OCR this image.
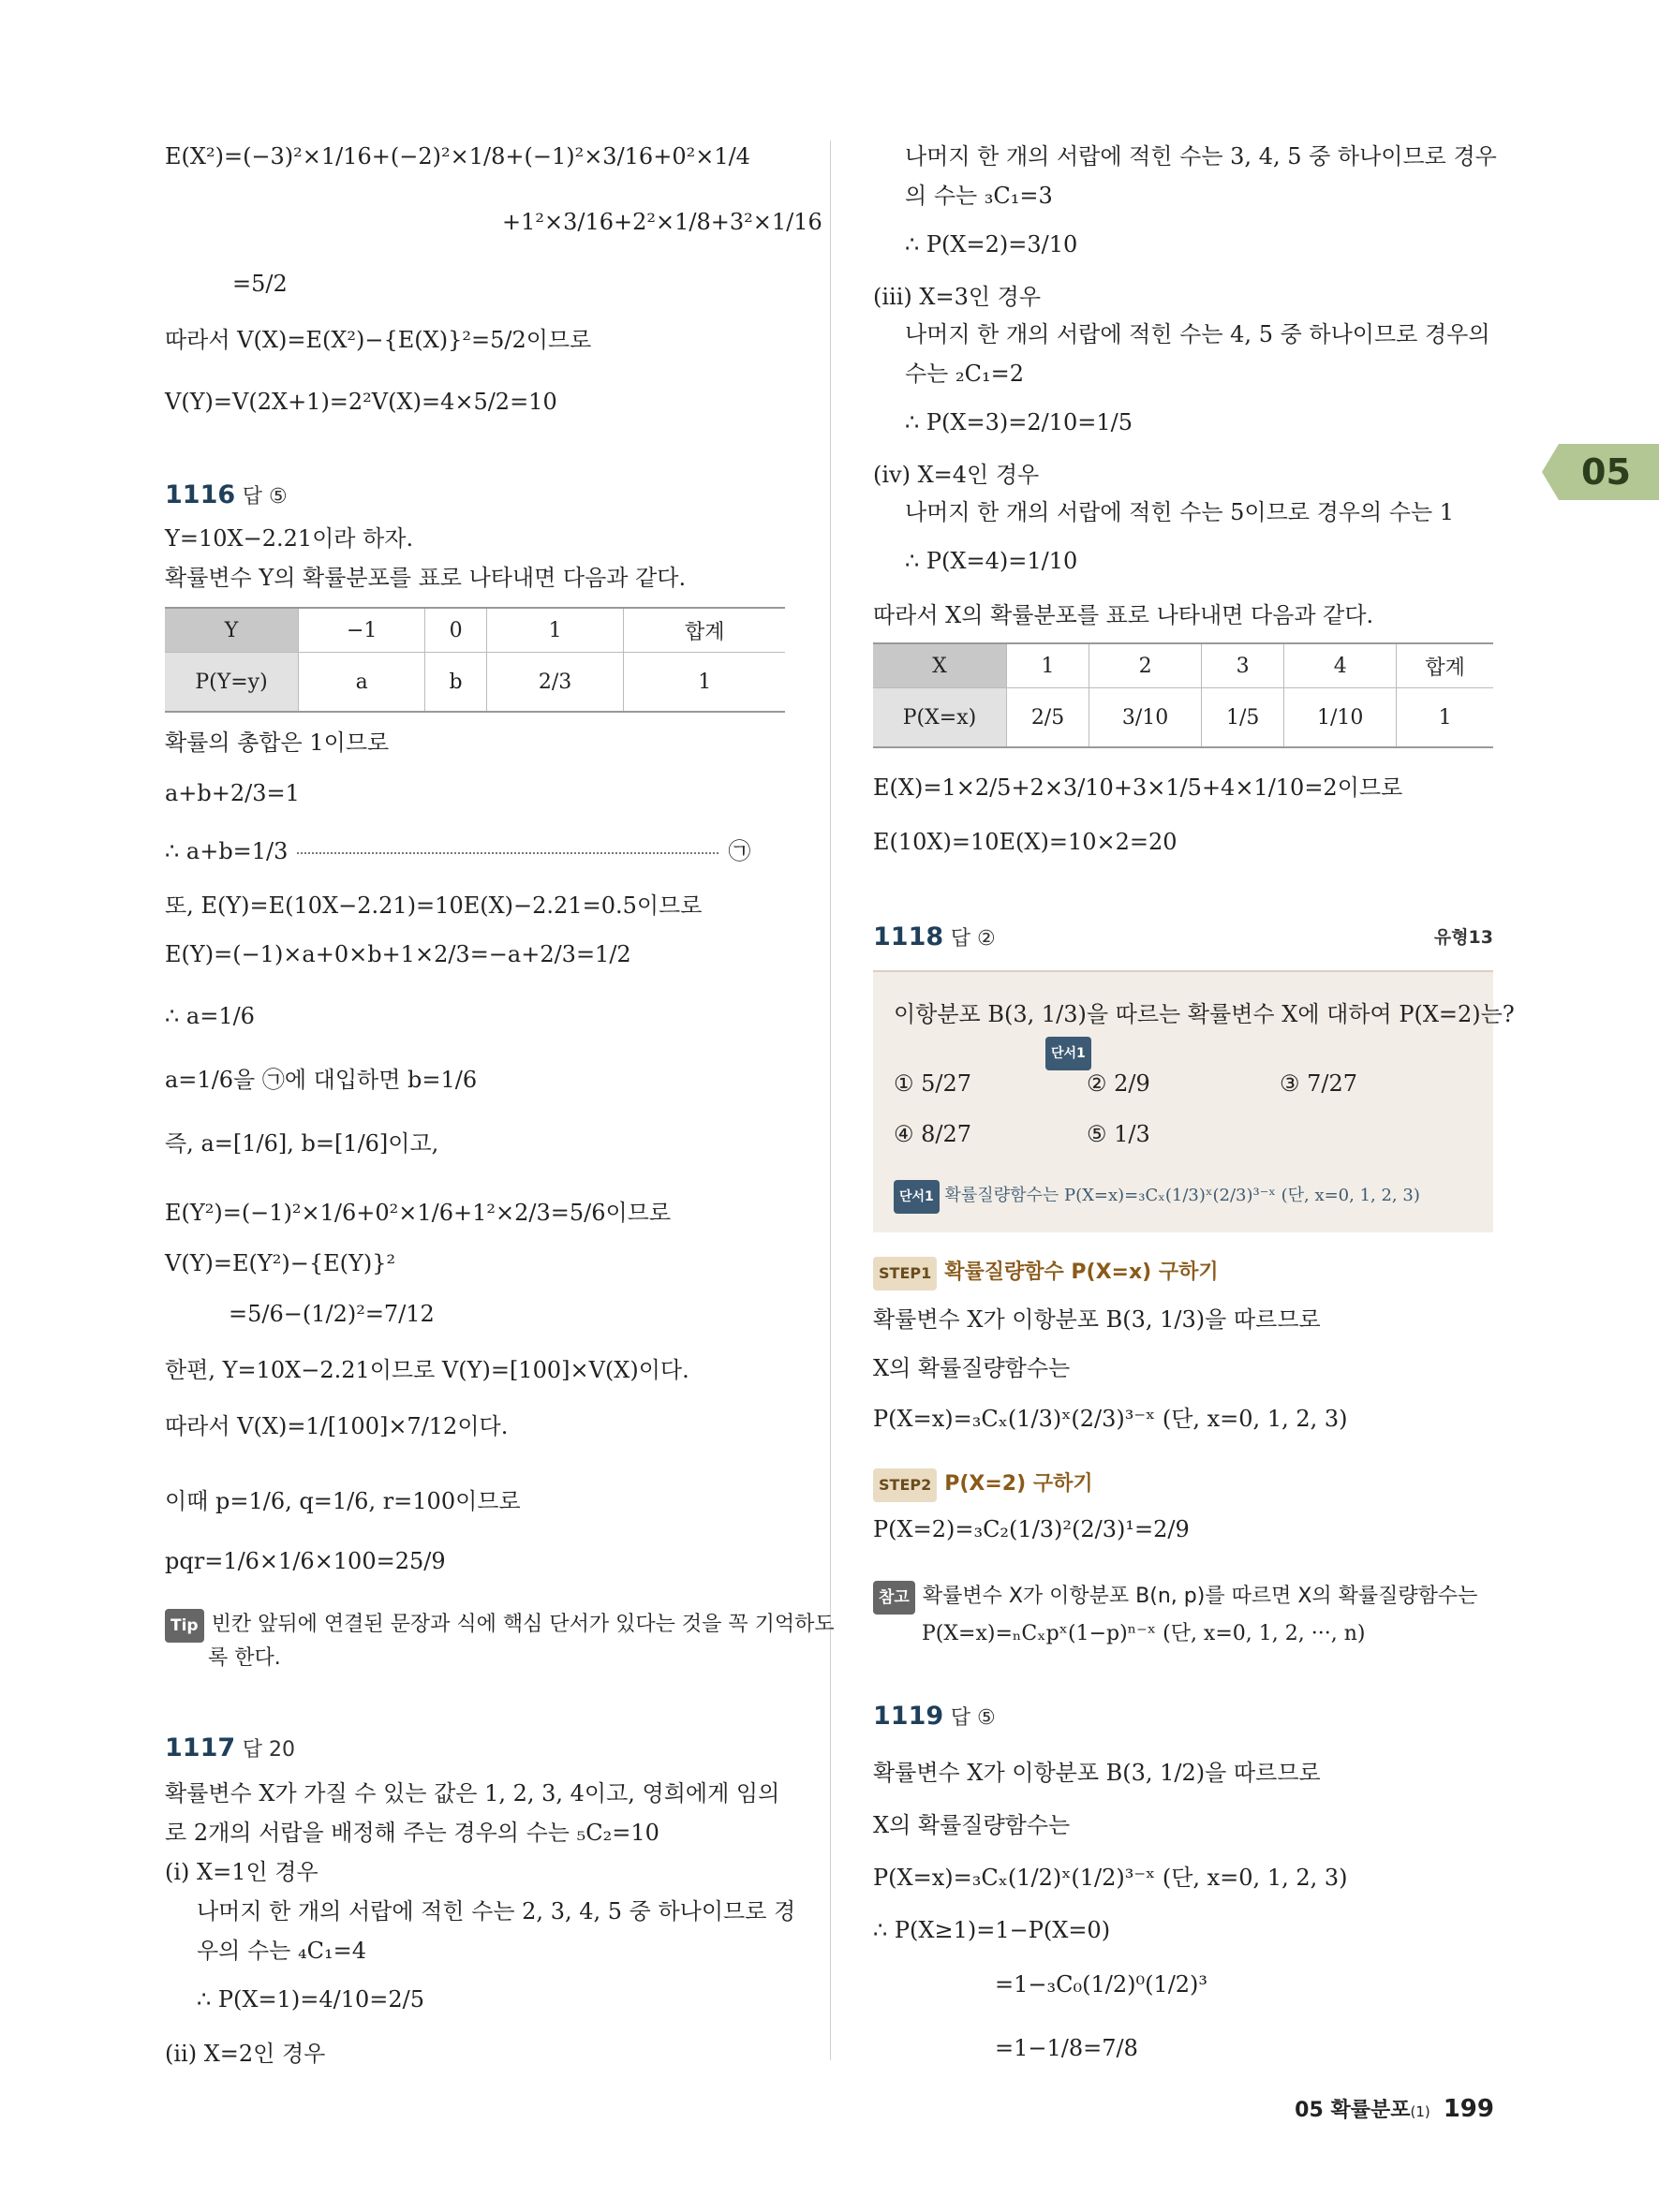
05
E(X²)=(−3)²×1/16+(−2)²×1/8+(−1)²×3/16+0²×1/4
+1²×3/16+2²×1/8+3²×1/16
=5/2
따라서 V(X)=E(X²)−{E(X)}²=5/2이므로
V(Y)=V(2X+1)=2²V(X)=4×5/2=10
1116 답 ⑤
Y=10X−2.21이라 하자.
확률변수 Y의 확률분포를 표로 나타내면 다음과 같다.
Y	−1	0	1	합계
P(Y=y)	a	b	2/3	1
확률의 총합은 1이므로
a+b+2/3=1
∴ a+b=1/3	㉠
또, E(Y)=E(10X−2.21)=10E(X)−2.21=0.5이므로
E(Y)=(−1)×a+0×b+1×2/3=−a+2/3=1/2
∴ a=1/6
a=1/6을 ㉠에 대입하면 b=1/6
즉, a=[1/6], b=[1/6]이고,
E(Y²)=(−1)²×1/6+0²×1/6+1²×2/3=5/6이므로
V(Y)=E(Y²)−{E(Y)}²
=5/6−(1/2)²=7/12
한편, Y=10X−2.21이므로 V(Y)=[100]×V(X)이다.
따라서 V(X)=1/[100]×7/12이다.
이때 p=1/6, q=1/6, r=100이므로
pqr=1/6×1/6×100=25/9
Tip 빈칸 앞뒤에 연결된 문장과 식에 핵심 단서가 있다는 것을 꼭 기억하도
록 한다.
1117 답 20
확률변수 X가 가질 수 있는 값은 1, 2, 3, 4이고, 영희에게 임의
로 2개의 서랍을 배정해 주는 경우의 수는 ₅C₂=10
(ⅰ) X=1인 경우
나머지 한 개의 서랍에 적힌 수는 2, 3, 4, 5 중 하나이므로 경
우의 수는 ₄C₁=4
∴ P(X=1)=4/10=2/5
(ⅱ) X=2인 경우
나머지 한 개의 서랍에 적힌 수는 3, 4, 5 중 하나이므로 경우
의 수는 ₃C₁=3
∴ P(X=2)=3/10
(ⅲ) X=3인 경우
나머지 한 개의 서랍에 적힌 수는 4, 5 중 하나이므로 경우의
수는 ₂C₁=2
∴ P(X=3)=2/10=1/5
(ⅳ) X=4인 경우
나머지 한 개의 서랍에 적힌 수는 5이므로 경우의 수는 1
∴ P(X=4)=1/10
따라서 X의 확률분포를 표로 나타내면 다음과 같다.
X	1	2	3	4	합계
P(X=x)	2/5	3/10	1/5	1/10	1
E(X)=1×2/5+2×3/10+3×1/5+4×1/10=2이므로
E(10X)=10E(X)=10×2=20
1118 답 ②	유형13
이항분포 B(3, 1/3)을 따르는 확률변수 X에 대하여 P(X=2)는?
단서1
① 5/27	② 2/9	③ 7/27
④ 8/27	⑤ 1/3
단서1 확률질량함수는 P(X=x)=₃Cₓ(1/3)ˣ(2/3)³⁻ˣ (단, x=0, 1, 2, 3)
STEP1 확률질량함수 P(X=x) 구하기
확률변수 X가 이항분포 B(3, 1/3)을 따르므로
X의 확률질량함수는
P(X=x)=₃Cₓ(1/3)ˣ(2/3)³⁻ˣ (단, x=0, 1, 2, 3)
STEP2 P(X=2) 구하기
P(X=2)=₃C₂(1/3)²(2/3)¹=2/9
참고 확률변수 X가 이항분포 B(n, p)를 따르면 X의 확률질량함수는
P(X=x)=ₙCₓpˣ(1−p)ⁿ⁻ˣ (단, x=0, 1, 2, ···, n)
1119 답 ⑤
확률변수 X가 이항분포 B(3, 1/2)을 따르므로
X의 확률질량함수는
P(X=x)=₃Cₓ(1/2)ˣ(1/2)³⁻ˣ (단, x=0, 1, 2, 3)
∴ P(X≥1)=1−P(X=0)
=1−₃C₀(1/2)⁰(1/2)³
=1−1/8=7/8
05 확률분포(1) 199
